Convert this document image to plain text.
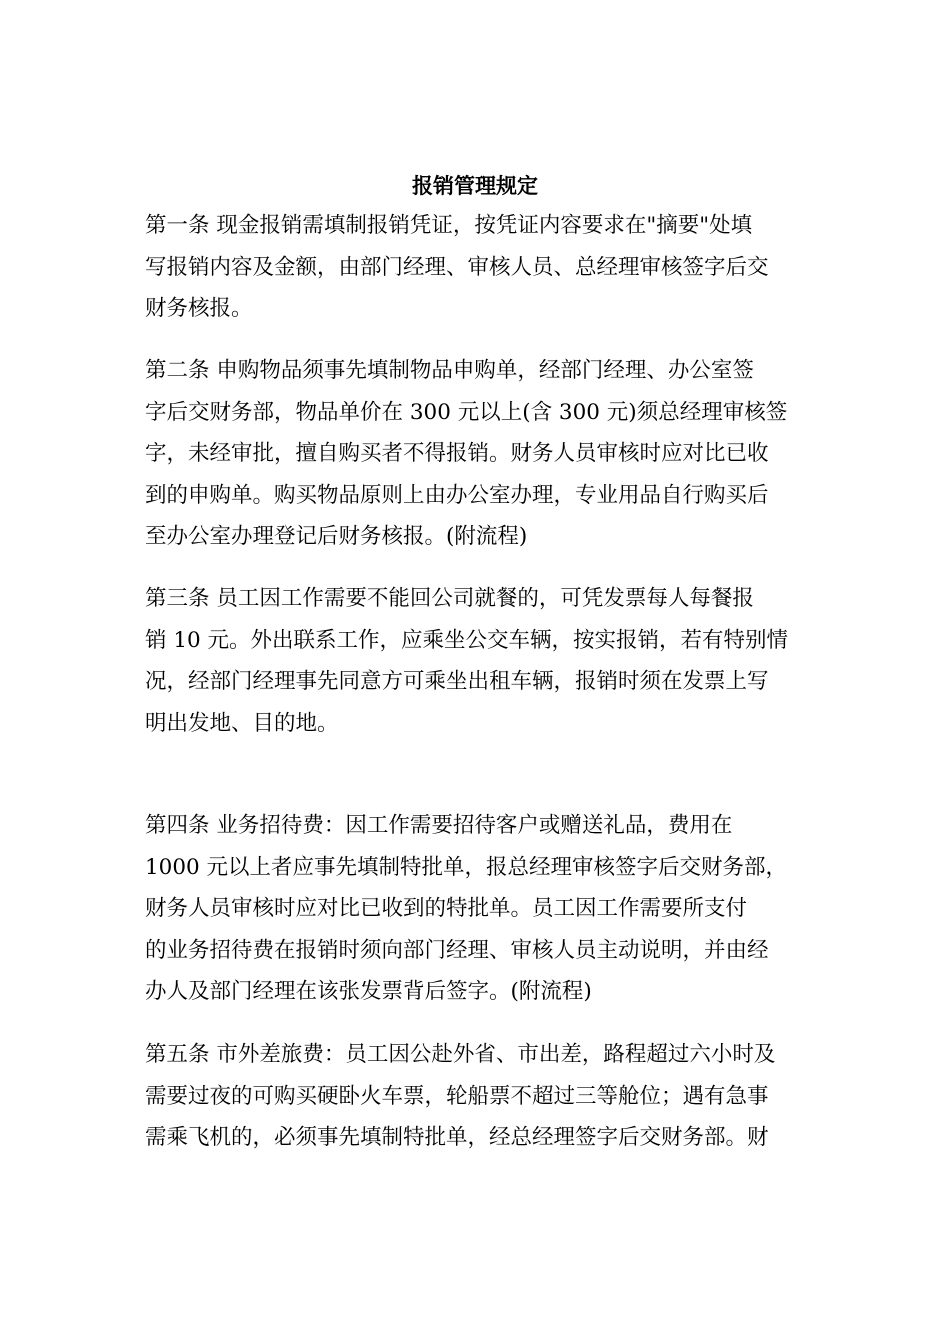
报销管理规定
第一条 现金报销需填制报销凭证，按凭证内容要求在"摘要"处填
写报销内容及金额，由部门经理、审核人员、总经理审核签字后交
财务核报。
第二条 申购物品须事先填制物品申购单，经部门经理、办公室签
字后交财务部，物品单价在 300 元以上(含 300 元)须总经理审核签
字，未经审批，擅自购买者不得报销。财务人员审核时应对比已收
到的申购单。购买物品原则上由办公室办理，专业用品自行购买后
至办公室办理登记后财务核报。(附流程)
第三条 员工因工作需要不能回公司就餐的，可凭发票每人每餐报
销 10 元。外出联系工作，应乘坐公交车辆，按实报销，若有特别情
况，经部门经理事先同意方可乘坐出租车辆，报销时须在发票上写
明出发地、目的地。
第四条 业务招待费：因工作需要招待客户或赠送礼品，费用在
1000 元以上者应事先填制特批单，报总经理审核签字后交财务部，
财务人员审核时应对比已收到的特批单。员工因工作需要所支付
的业务招待费在报销时须向部门经理、审核人员主动说明，并由经
办人及部门经理在该张发票背后签字。(附流程)
第五条 市外差旅费：员工因公赴外省、市出差，路程超过六小时及
需要过夜的可购买硬卧火车票，轮船票不超过三等舱位；遇有急事
需乘飞机的，必须事先填制特批单，经总经理签字后交财务部。财
